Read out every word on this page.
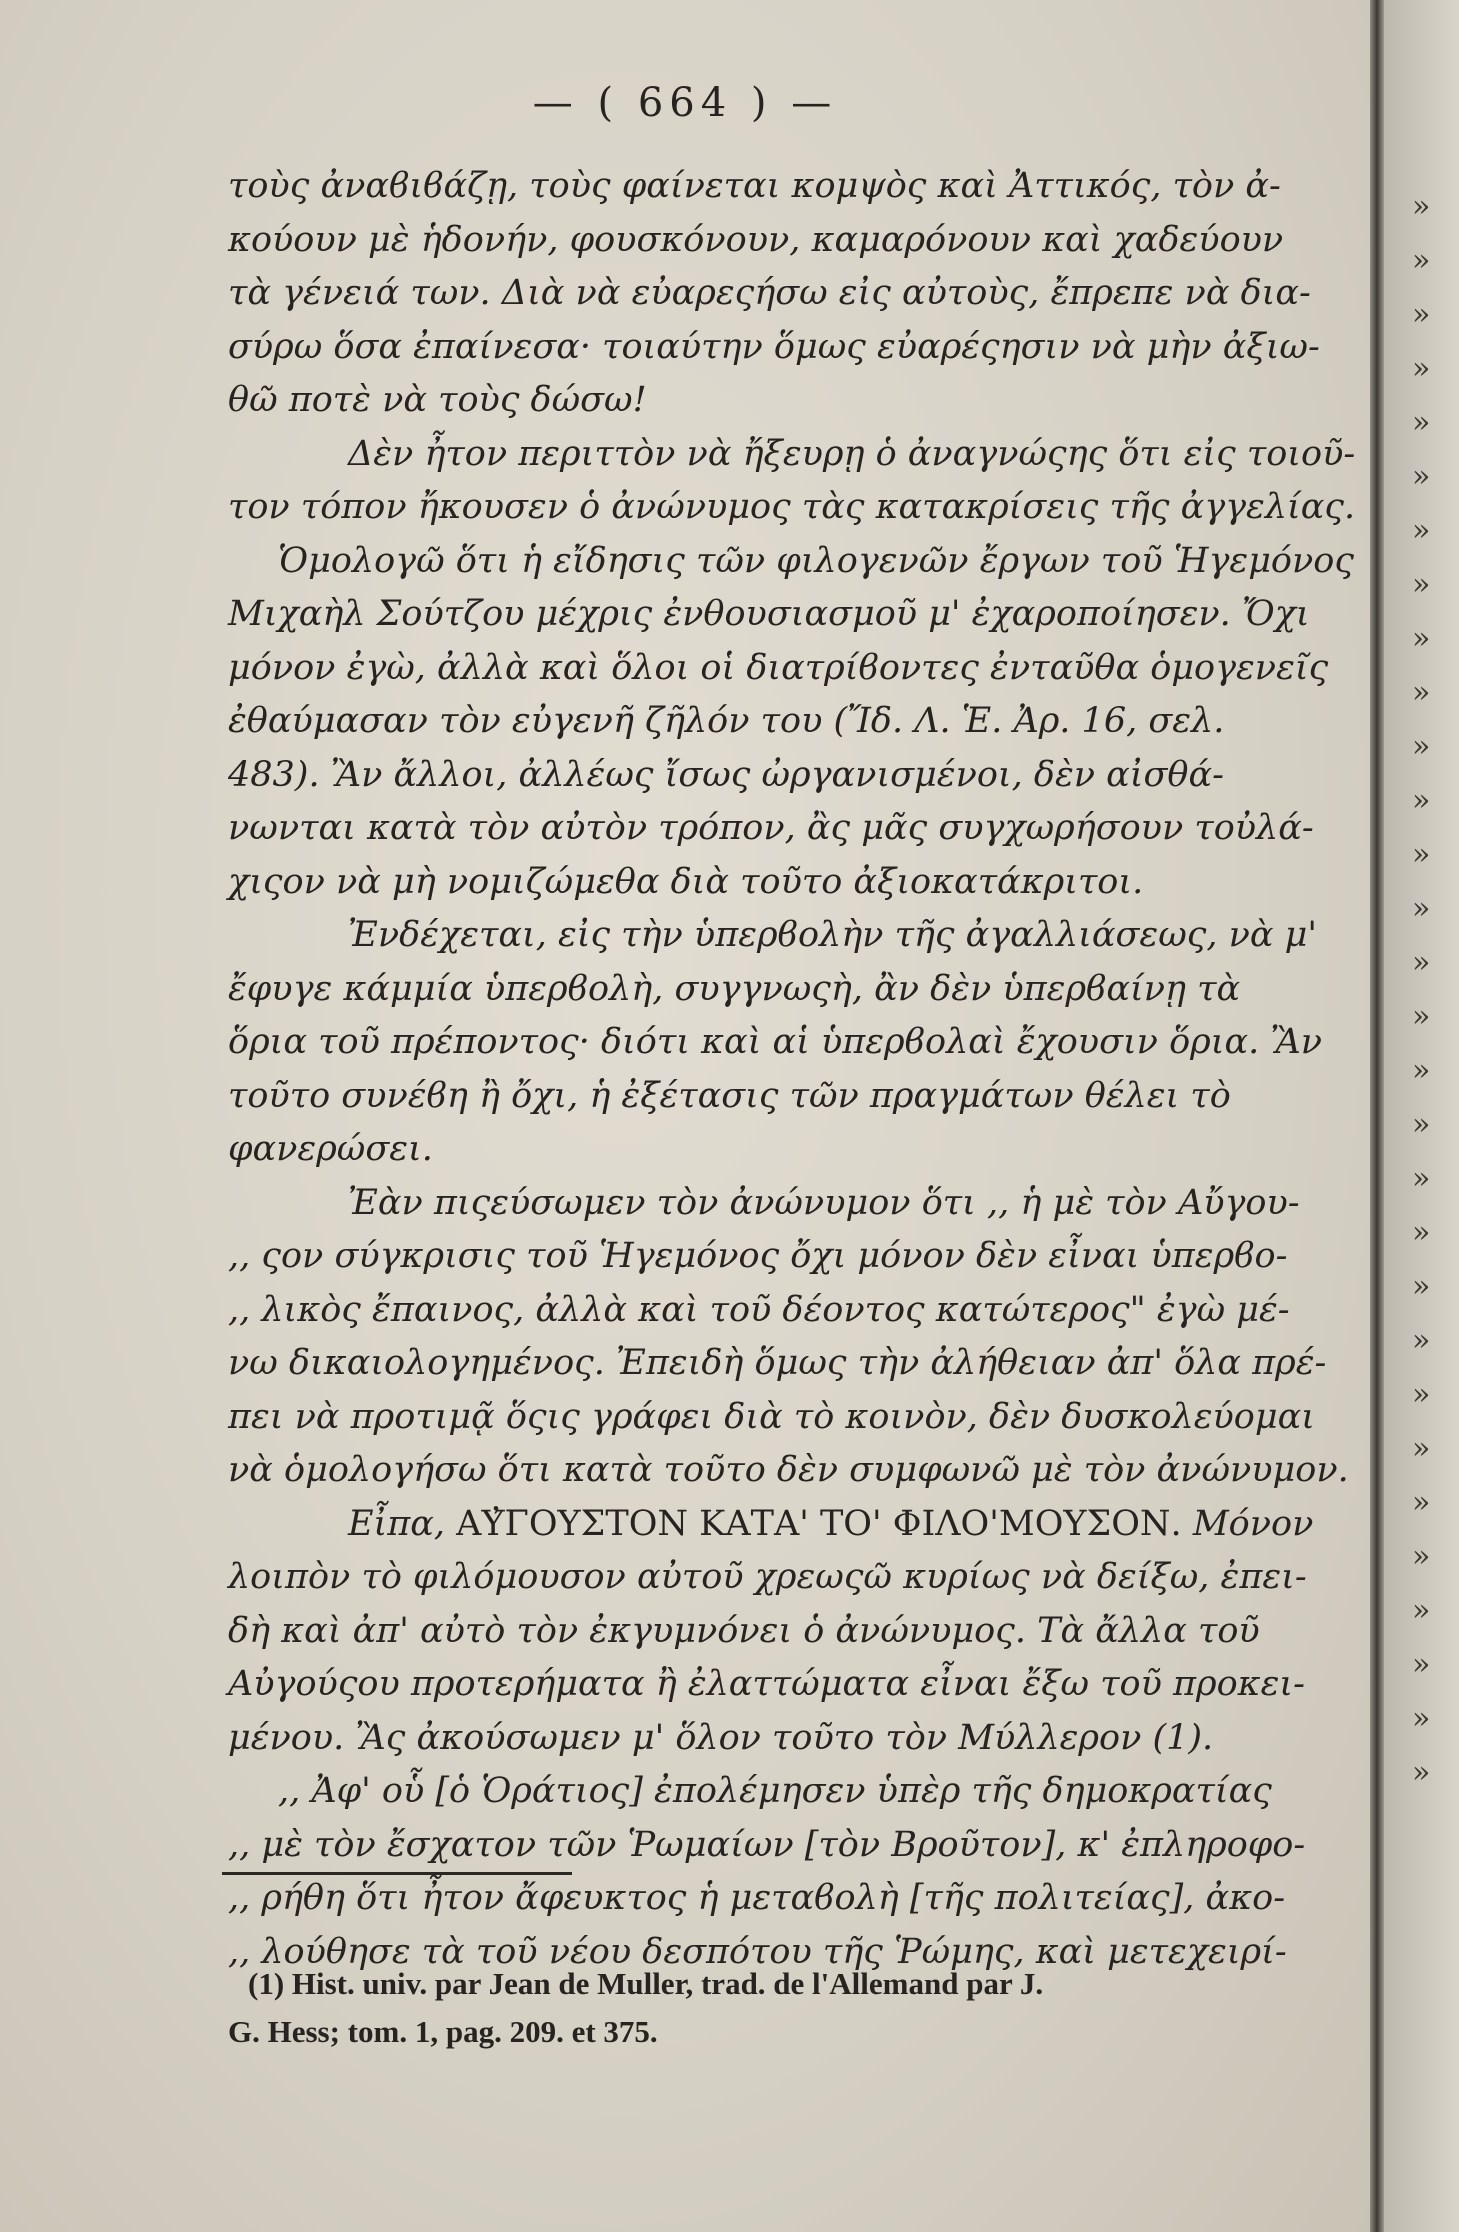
— ( 664 ) —
τοὺς ἀναϐιϐάζῃ, τοὺς φαίνεται κομψὸς καὶ Ἀττικός, τὸν ἀ-
κούουν μὲ ἡδονήν, φουσκόνουν, καμαρόνουν καὶ χαδεύουν
τὰ γένειά των. Διὰ νὰ εὐαρεςήσω εἰς αὐτοὺς, ἔπρεπε νὰ δια-
σύρω ὅσα ἐπαίνεσα· τοιαύτην ὅμως εὐαρέςησιν νὰ μὴν ἀξιω-
θῶ ποτὲ νὰ τοὺς δώσω!
Δὲν ἦτον περιττὸν νὰ ἤξευρῃ ὁ ἀναγνώςης ὅτι εἰς τοιοῦ-
τον τόπον ἤκουσεν ὁ ἀνώνυμος τὰς κατακρίσεις τῆς ἀγγελίας.
Ὁμολογῶ ὅτι ἡ εἴδησις τῶν φιλογενῶν ἔργων τοῦ Ἡγεμόνος
Μιχαὴλ Σούτζου μέχρις ἐνθουσιασμοῦ μ' ἐχαροποίησεν. Ὄχι
μόνον ἐγὼ, ἀλλὰ καὶ ὅλοι οἱ διατρίϐοντες ἐνταῦθα ὁμογενεῖς
ἐθαύμασαν τὸν εὐγενῆ ζῆλόν του (Ἴδ. Λ. Ἑ. Ἀρ. 16, σελ.
483). Ἂν ἄλλοι, ἀλλέως ἴσως ὠργανισμένοι, δὲν αἰσθά-
νωνται κατὰ τὸν αὐτὸν τρόπον, ἂς μᾶς συγχωρήσουν τοὐλά-
χιςον νὰ μὴ νομιζώμεθα διὰ τοῦτο ἀξιοκατάκριτοι.
Ἐνδέχεται, εἰς τὴν ὑπερϐολὴν τῆς ἀγαλλιάσεως, νὰ μ'
ἔφυγε κάμμία ὑπερϐολὴ, συγγνωςὴ, ἂν δὲν ὑπερϐαίνῃ τὰ
ὅρια τοῦ πρέποντος· διότι καὶ αἱ ὑπερϐολαὶ ἔχουσιν ὅρια. Ἂν
τοῦτο συνέϐη ἢ ὄχι, ἡ ἐξέτασις τῶν πραγμάτων θέλει τὸ
φανερώσει.
Ἐὰν πιςεύσωμεν τὸν ἀνώνυμον ὅτι ,, ἡ μὲ τὸν Αὔγου-
,, ςον σύγκρισις τοῦ Ἡγεμόνος ὄχι μόνον δὲν εἶναι ὑπερϐο-
,, λικὸς ἔπαινος, ἀλλὰ καὶ τοῦ δέοντος κατώτερος" ἐγὼ μέ-
νω δικαιολογημένος. Ἐπειδὴ ὅμως τὴν ἀλήθειαν ἀπ' ὅλα πρέ-
πει νὰ προτιμᾷ ὅςις γράφει διὰ τὸ κοινὸν, δὲν δυσκολεύομαι
νὰ ὁμολογήσω ὅτι κατὰ τοῦτο δὲν συμφωνῶ μὲ τὸν ἀνώνυμον.
Εἶπα, ΑΥ̓ΓΟΥΣΤΟΝ ΚΑΤΑ' ΤΟ' ΦΙΛΟ'ΜΟΥΣΟΝ. Μόνον
λοιπὸν τὸ φιλόμουσον αὐτοῦ χρεωςῶ κυρίως νὰ δείξω, ἐπει-
δὴ καὶ ἀπ' αὐτὸ τὸν ἐκγυμνόνει ὁ ἀνώνυμος. Τὰ ἄλλα τοῦ
Αὐγούςου προτερήματα ἢ ἐλαττώματα εἶναι ἔξω τοῦ προκει-
μένου. Ἂς ἀκούσωμεν μ' ὅλον τοῦτο τὸν Μύλλερον (1).
,, Ἀφ' οὗ [ὁ Ὁράτιος] ἐπολέμησεν ὑπὲρ τῆς δημοκρατίας
,, μὲ τὸν ἔσχατον τῶν Ῥωμαίων [τὸν Βροῦτον], κ' ἐπληροφο-
,, ρήθη ὅτι ἦτον ἄφευκτος ἡ μεταϐολὴ [τῆς πολιτείας], ἀκο-
,, λούθησε τὰ τοῦ νέου δεσπότου τῆς Ῥώμης, καὶ μετεχειρί-
(1) Hist. univ. par Jean de Muller, trad. de l'Allemand par J.
G. Hess; tom. 1, pag. 209. et 375.
»
»
»
»
»
»
»
»
»
»
»
»
»
»
»
»
»
»
»
»
»
»
»
»
»
»
»
»
»
»
